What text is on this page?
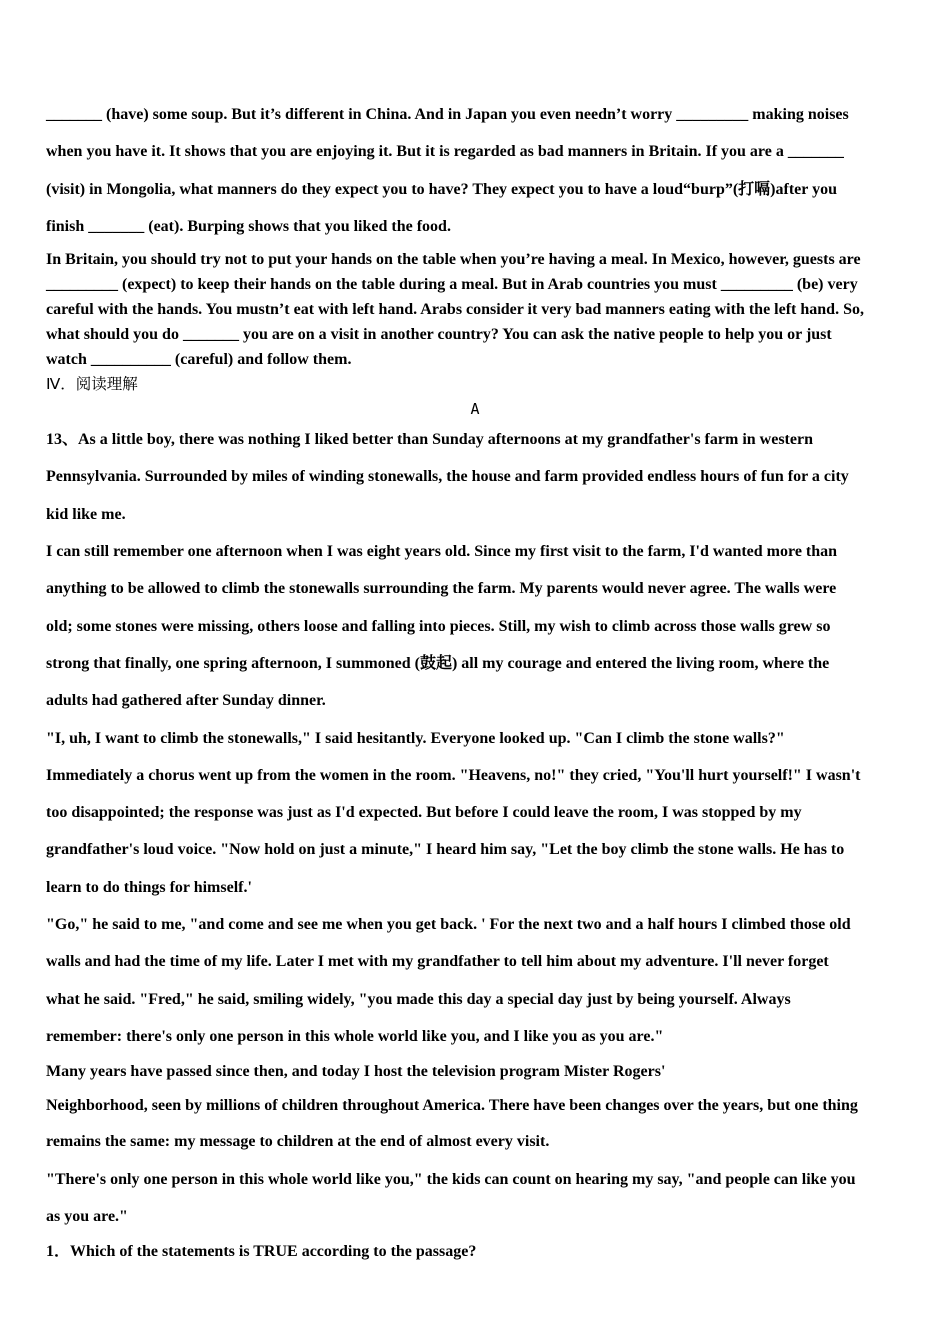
_______ (have) some soup. But it’s different in China. And in Japan you even needn’t worry _________ making noises
when you have it. It shows that you are enjoying it. But it is regarded as bad manners in Britain. If you are a _______
(visit) in Mongolia, what manners do they expect you to have? They expect you to have a loud“burp”(打嗝)after you
finish _______ (eat). Burping shows that you liked the food.
In Britain, you should try not to put your hands on the table when you’re having a meal. In Mexico, however, guests are
_________ (expect) to keep their hands on the table during a meal. But in Arab countries you must _________ (be) very
careful with the hands. You mustn’t eat with left hand. Arabs consider it very bad manners eating with the left hand. So,
what should you do _______ you are on a visit in another country? You can ask the native people to help you or just
watch __________ (careful) and follow them.
Ⅳ．阅读理解
A
13、As a little boy, there was nothing I liked better than Sunday afternoons at my grandfather's farm in western
Pennsylvania. Surrounded by miles of winding stonewalls, the house and farm provided endless hours of fun for a city
kid like me.
I can still remember one afternoon when I was eight years old. Since my first visit to the farm, I'd wanted more than
anything to be allowed to climb the stonewalls surrounding the farm. My parents would never agree. The walls were
old; some stones were missing, others loose and falling into pieces. Still, my wish to climb across those walls grew so
strong that finally, one spring afternoon, I summoned (鼓起) all my courage and entered the living room, where the
adults had gathered after Sunday dinner.
"I, uh, I want to climb the stonewalls," I said hesitantly. Everyone looked up. "Can I climb the stone walls?"
Immediately a chorus went up from the women in the room. "Heavens, no!" they cried, "You'll hurt yourself!" I wasn't
too disappointed; the response was just as I'd expected. But before I could leave the room, I was stopped by my
grandfather's loud voice. "Now hold on just a minute," I heard him say, "Let the boy climb the stone walls. He has to
learn to do things for himself.'
"Go," he said to me, "and come and see me when you get back. ' For the next two and a half hours I climbed those old
walls and had the time of my life. Later I met with my grandfather to tell him about my adventure. I'll never forget
what he said. "Fred," he said, smiling widely, "you made this day a special day just by being yourself. Always
remember: there's only one person in this whole world like you, and I like you as you are."
Many years have passed since then, and today I host the television program Mister Rogers'
Neighborhood, seen by millions of children throughout America. There have been changes over the years, but one thing
remains the same: my message to children at the end of almost every visit.
"There's only one person in this whole world like you," the kids can count on hearing my say, "and people can like you
as you are."
1．Which of the statements is TRUE according to the passage?
